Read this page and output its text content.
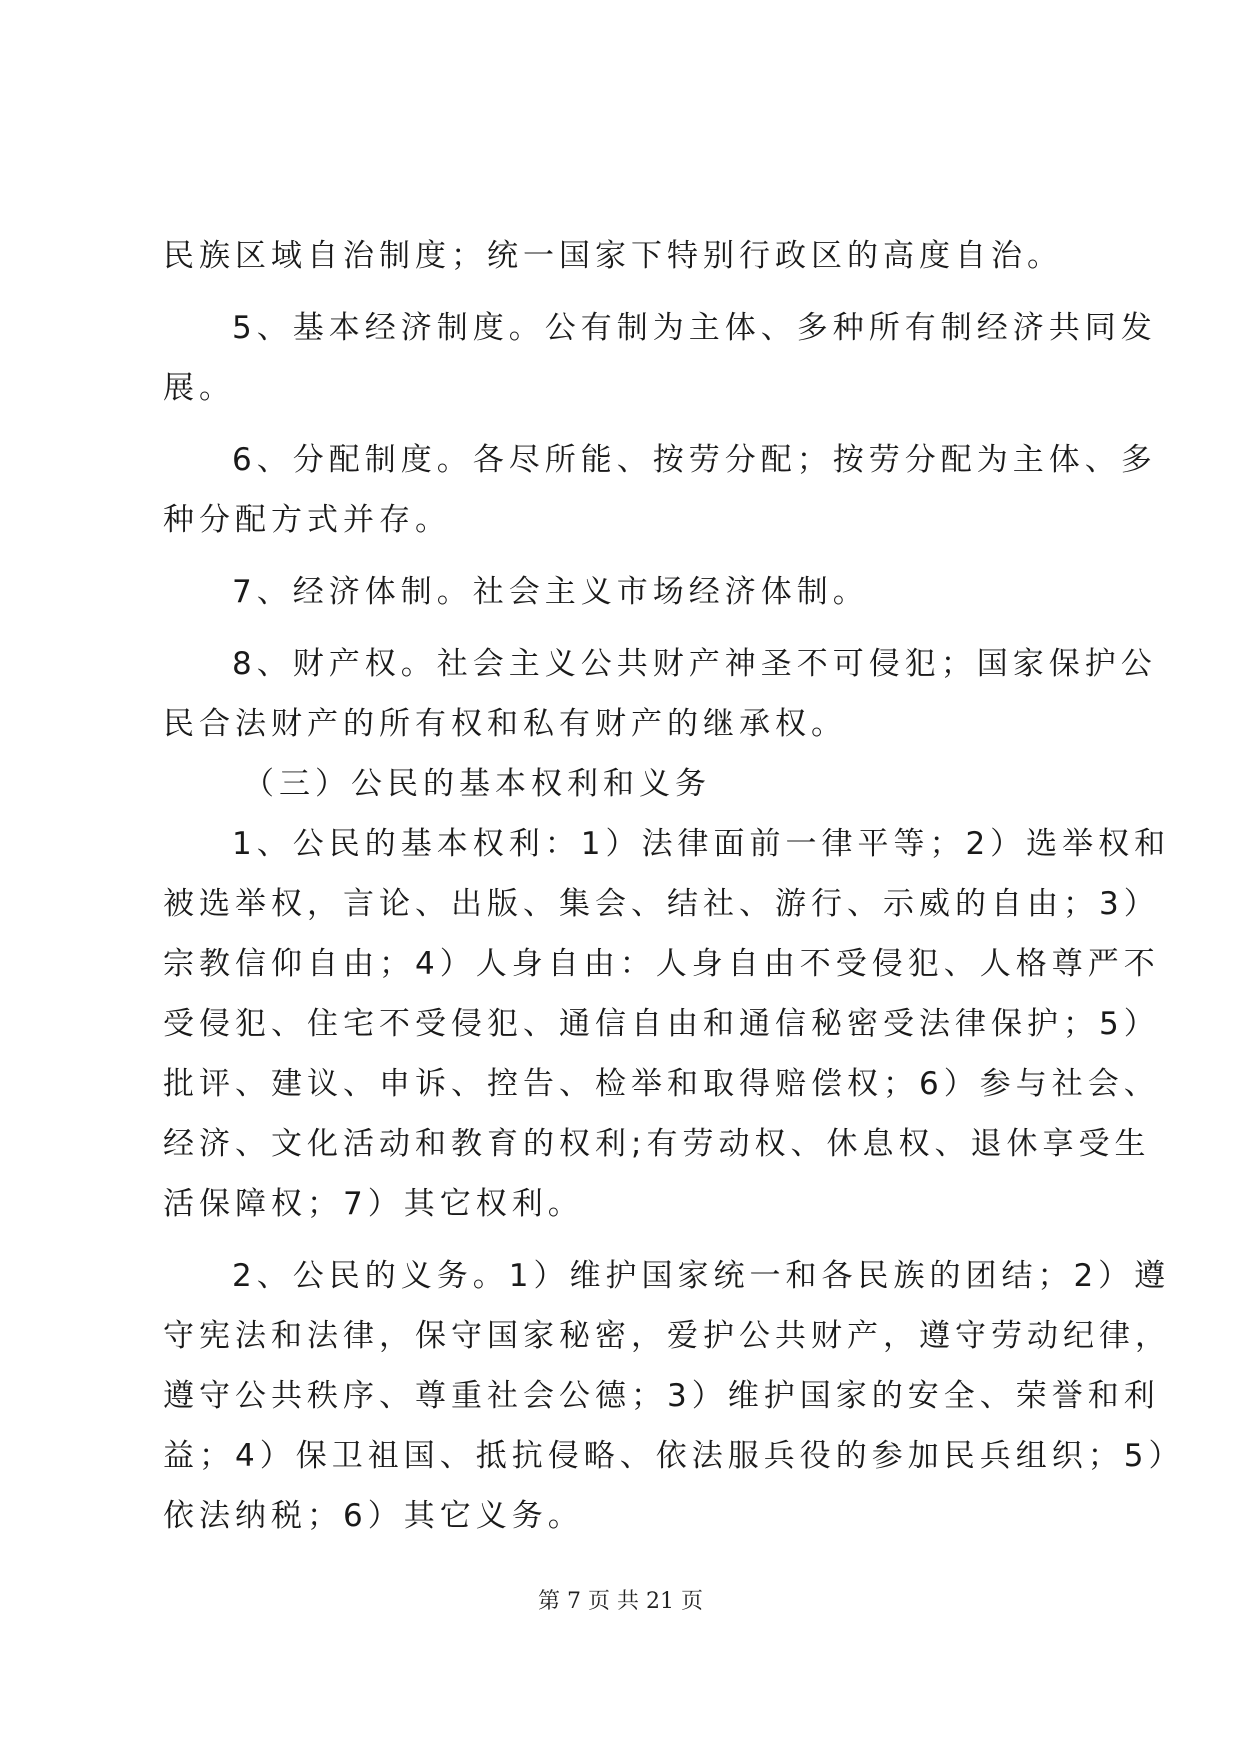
民族区域自治制度；统一国家下特别行政区的高度自治。
5、基本经济制度。公有制为主体、多种所有制经济共同发
展。
6、分配制度。各尽所能、按劳分配；按劳分配为主体、多
种分配方式并存。
7、经济体制。社会主义市场经济体制。
8、财产权。社会主义公共财产神圣不可侵犯；国家保护公
民合法财产的所有权和私有财产的继承权。
（三）公民的基本权利和义务
1、公民的基本权利：1）法律面前一律平等；2）选举权和
被选举权，言论、出版、集会、结社、游行、示威的自由；3）
宗教信仰自由；4）人身自由：人身自由不受侵犯、人格尊严不
受侵犯、住宅不受侵犯、通信自由和通信秘密受法律保护；5）
批评、建议、申诉、控告、检举和取得赔偿权；6）参与社会、
经济、文化活动和教育的权利;有劳动权、休息权、退休享受生
活保障权；7）其它权利。
2、公民的义务。1）维护国家统一和各民族的团结；2）遵
守宪法和法律，保守国家秘密，爱护公共财产，遵守劳动纪律，
遵守公共秩序、尊重社会公德；3）维护国家的安全、荣誉和利
益；4）保卫祖国、抵抗侵略、依法服兵役的参加民兵组织；5）
依法纳税；6）其它义务。
第 7 页 共 21 页
